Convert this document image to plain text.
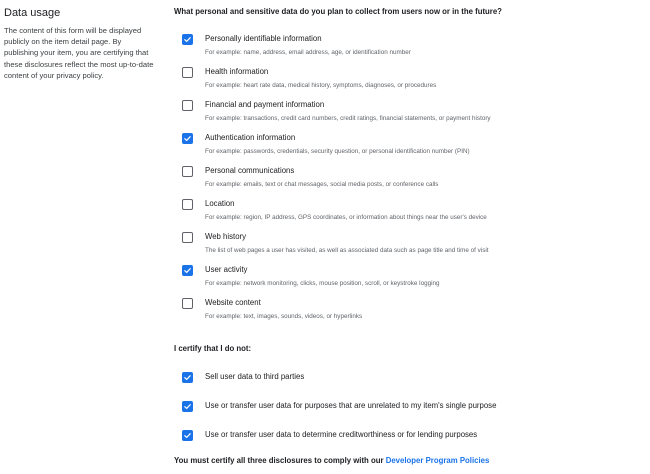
Data usage
The content of this form will be displayed publicly on the item detail page. By publishing your item, you are certifying that these disclosures reflect the most up-to-date content of your privacy policy.

What personal and sensitive data do you plan to collect from users now or in the future?

Personally identifiable information
For example: name, address, email address, age, or identification number
Health information
For example: heart rate data, medical history, symptoms, diagnoses, or procedures
Financial and payment information
For example: transactions, credit card numbers, credit ratings, financial statements, or payment history
Authentication information
For example: passwords, credentials, security question, or personal identification number (PIN)
Personal communications
For example: emails, text or chat messages, social media posts, or conference calls
Location
For example: region, IP address, GPS coordinates, or information about things near the user's device
Web history
The list of web pages a user has visited, as well as associated data such as page title and time of visit
User activity
For example: network monitoring, clicks, mouse position, scroll, or keystroke logging
Website content
For example: text, images, sounds, videos, or hyperlinks
I certify that I do not:
Sell user data to third parties
Use or transfer user data for purposes that are unrelated to my item's single purpose
Use or transfer user data to determine creditworthiness or for lending purposes
You must certify all three disclosures to comply with our Developer Program Policies
